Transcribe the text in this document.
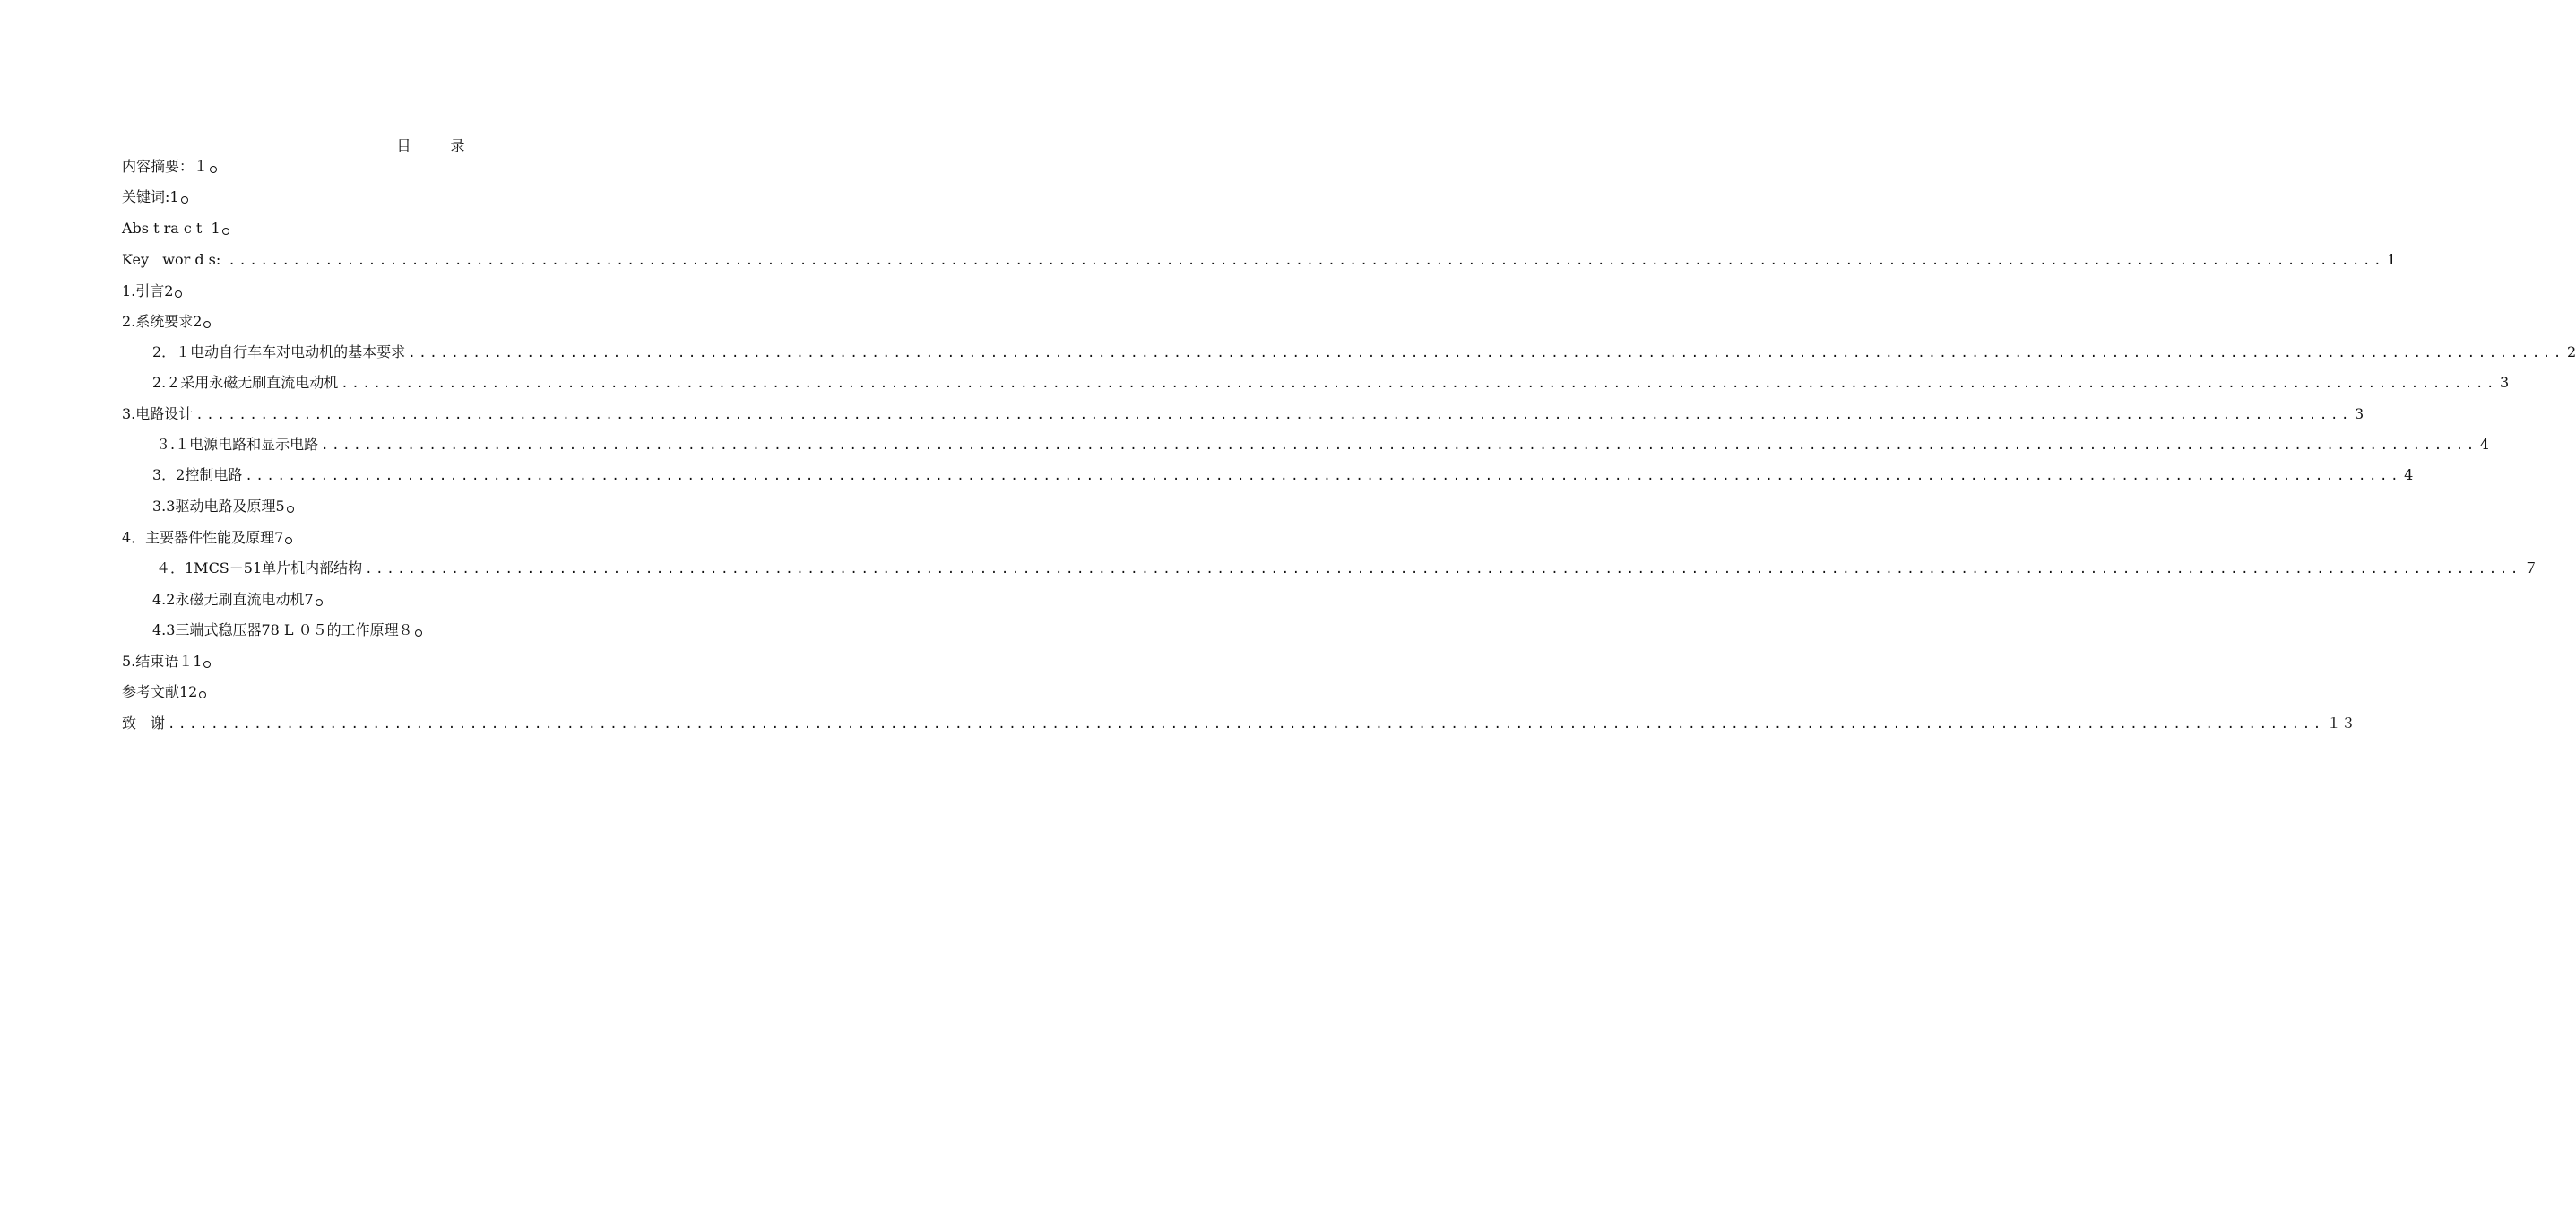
目　录
内容摘要：１
关键词:1
Abs t ra c t  1
Key   wor d s: ........................................................................................................................................................................................................ 1
1.引言2
2.系统要求2
2．１电动自行车车对电动机的基本要求 ........................................................................................................................................................................................................ 2
2.２采用永磁无刷直流电动机 ........................................................................................................................................................................................................ 3
3.电路设计 ........................................................................................................................................................................................................ 3
３.１电源电路和显示电路 ........................................................................................................................................................................................................ 4
3．2控制电路 ........................................................................................................................................................................................................ 4
3.3驱动电路及原理5
4．主要器件性能及原理7
４．1MCS－51单片机内部结构 ........................................................................................................................................................................................................ ７
4.2永磁无刷直流电动机7
4.3三端式稳压器78 L ０５的工作原理８
5.结束语１1
参考文献12
致　谢 ........................................................................................................................................................................................................ １３
